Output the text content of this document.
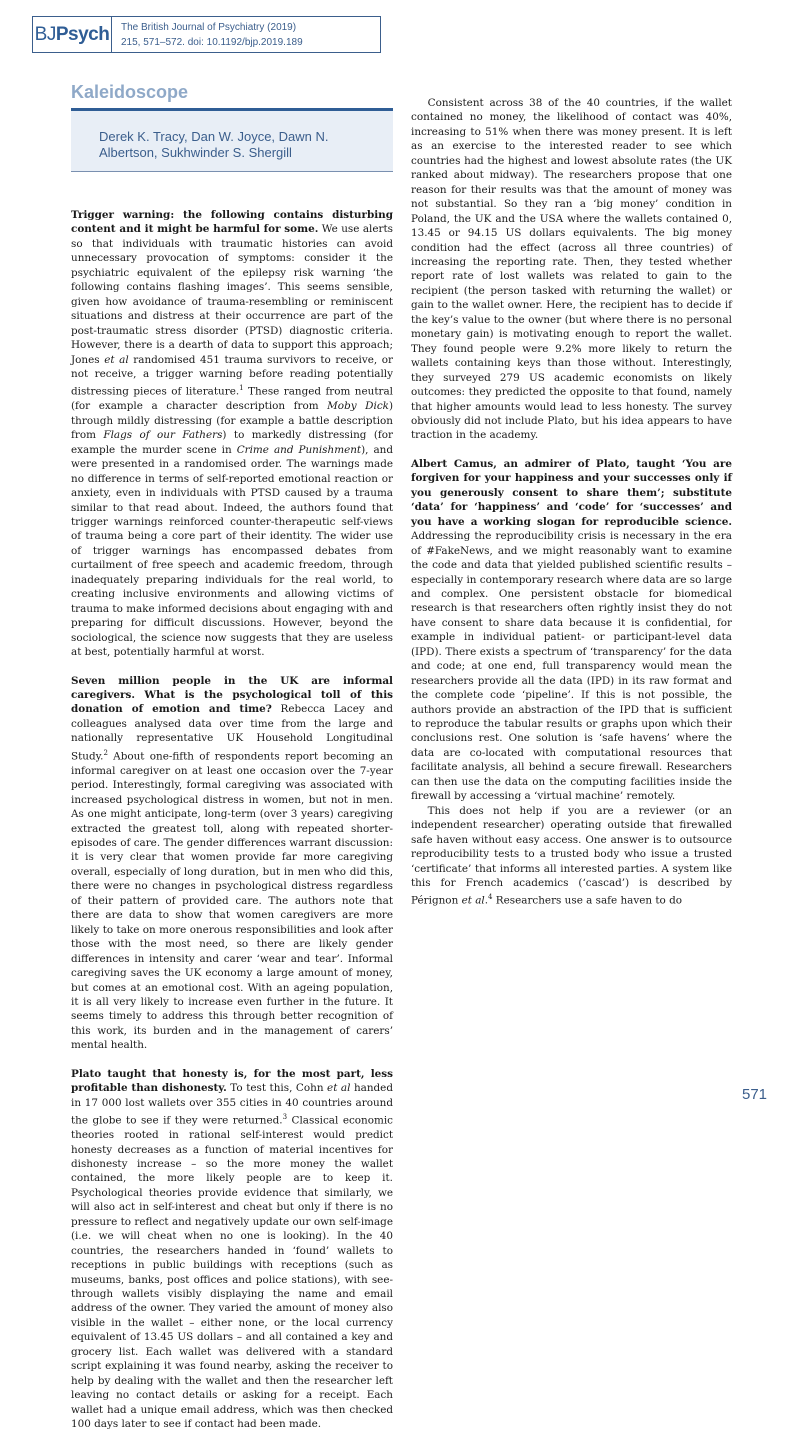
BJPsych The British Journal of Psychiatry (2019)
215, 571–572. doi: 10.1192/bjp.2019.189
Kaleidoscope
Derek K. Tracy, Dan W. Joyce, Dawn N. Albertson, Sukhwinder S. Shergill

Trigger warning: the following contains disturbing content and it might be harmful for some. We use alerts so that individuals with traumatic histories can avoid unnecessary provocation of symptoms: consider it the psychiatric equivalent of the epilepsy risk warning ‘the following contains flashing images’. This seems sensible, given how avoidance of trauma-resembling or reminiscent situations and distress at their occurrence are part of the post-traumatic stress disorder (PTSD) diagnostic criteria. However, there is a dearth of data to support this approach; Jones et al randomised 451 trauma survivors to receive, or not receive, a trigger warning before reading potentially distressing pieces of literature.$^1$ These ranged from neutral (for example a character description from Moby Dick) through mildly distressing (for example a battle description from Flags of our Fathers) to markedly distressing (for example the murder scene in Crime and Punishment), and were presented in a randomised order. The warnings made no difference in terms of self-reported emotional reaction or anxiety, even in individuals with PTSD caused by a trauma similar to that read about. Indeed, the authors found that trigger warnings reinforced counter-therapeutic self-views of trauma being a core part of their identity. The wider use of trigger warnings has encompassed debates from curtailment of free speech and academic freedom, through inadequately preparing individuals for the real world, to creating inclusive environments and allowing victims of trauma to make informed decisions about engaging with and preparing for difficult discussions. However, beyond the sociological, the science now suggests that they are useless at best, potentially harmful at worst.

Seven million people in the UK are informal caregivers. What is the psychological toll of this donation of emotion and time? Rebecca Lacey and colleagues analysed data over time from the large and nationally representative UK Household Longitudinal Study.$^2$ About one-fifth of respondents report becoming an informal caregiver on at least one occasion over the 7-year period. Interestingly, formal caregiving was associated with increased psychological distress in women, but not in men. As one might anticipate, long-term (over 3 years) caregiving extracted the greatest toll, along with repeated shorter-episodes of care. The gender differences warrant discussion: it is very clear that women provide far more caregiving overall, especially of long duration, but in men who did this, there were no changes in psychological distress regardless of their pattern of provided care. The authors note that there are data to show that women caregivers are more likely to take on more onerous responsibilities and look after those with the most need, so there are likely gender differences in intensity and carer ‘wear and tear’. Informal caregiving saves the UK economy a large amount of money, but comes at an emotional cost. With an ageing population, it is all very likely to increase even further in the future. It seems timely to address this through better recognition of this work, its burden and in the management of carers’ mental health.

Plato taught that honesty is, for the most part, less profitable than dishonesty. To test this, Cohn et al handed in 17 000 lost wallets over 355 cities in 40 countries around the globe to see if they were returned.$^3$ Classical economic theories rooted in rational self-interest would predict honesty decreases as a function of material incentives for dishonesty increase – so the more money the wallet contained, the more likely people are to keep it. Psychological theories provide evidence that similarly, we will also act in self-interest and cheat but only if there is no pressure to reflect and negatively update our own self-image (i.e. we will cheat when no one is looking). In the 40 countries, the researchers handed in ‘found’ wallets to receptions in public buildings with receptions (such as museums, banks, post offices and police stations), with see-through wallets visibly displaying the name and email address of the owner. They varied the amount of money also visible in the wallet – either none, or the local currency equivalent of 13.45 US dollars – and all contained a key and grocery list. Each wallet was delivered with a standard script explaining it was found nearby, asking the receiver to help by dealing with the wallet and then the researcher left leaving no contact details or asking for a receipt. Each wallet had a unique email address, which was then checked 100 days later to see if contact had been made.

Consistent across 38 of the 40 countries, if the wallet contained no money, the likelihood of contact was 40%, increasing to 51% when there was money present. It is left as an exercise to the interested reader to see which countries had the highest and lowest absolute rates (the UK ranked about midway). The researchers propose that one reason for their results was that the amount of money was not substantial. So they ran a ‘big money’ condition in Poland, the UK and the USA where the wallets contained 0, 13.45 or 94.15 US dollars equivalents. The big money condition had the effect (across all three countries) of increasing the reporting rate. Then, they tested whether report rate of lost wallets was related to gain to the recipient (the person tasked with returning the wallet) or gain to the wallet owner. Here, the recipient has to decide if the key’s value to the owner (but where there is no personal monetary gain) is motivating enough to report the wallet. They found people were 9.2% more likely to return the wallets containing keys than those without. Interestingly, they surveyed 279 US academic economists on likely outcomes: they predicted the opposite to that found, namely that higher amounts would lead to less honesty. The survey obviously did not include Plato, but his idea appears to have traction in the academy.

Albert Camus, an admirer of Plato, taught ‘You are forgiven for your happiness and your successes only if you generously consent to share them’; substitute ‘data’ for ‘happiness’ and ‘code’ for ‘successes’ and you have a working slogan for reproducible science. Addressing the reproducibility crisis is necessary in the era of #FakeNews, and we might reasonably want to examine the code and data that yielded published scientific results – especially in contemporary research where data are so large and complex. One persistent obstacle for biomedical research is that researchers often rightly insist they do not have consent to share data because it is confidential, for example in individual patient- or participant-level data (IPD). There exists a spectrum of ‘transparency’ for the data and code; at one end, full transparency would mean the researchers provide all the data (IPD) in its raw format and the complete code ‘pipeline’. If this is not possible, the authors provide an abstraction of the IPD that is sufficient to reproduce the tabular results or graphs upon which their conclusions rest. One solution is ‘safe havens’ where the data are co-located with computational resources that facilitate analysis, all behind a secure firewall. Researchers can then use the data on the computing facilities inside the firewall by accessing a ‘virtual machine’ remotely.

This does not help if you are a reviewer (or an independent researcher) operating outside that firewalled safe haven without easy access. One answer is to outsource reproducibility tests to a trusted body who issue a trusted ‘certificate’ that informs all interested parties. A system like this for French academics (‘cascad’) is described by Pérignon et al.$^4$ Researchers use a safe haven to do

571
